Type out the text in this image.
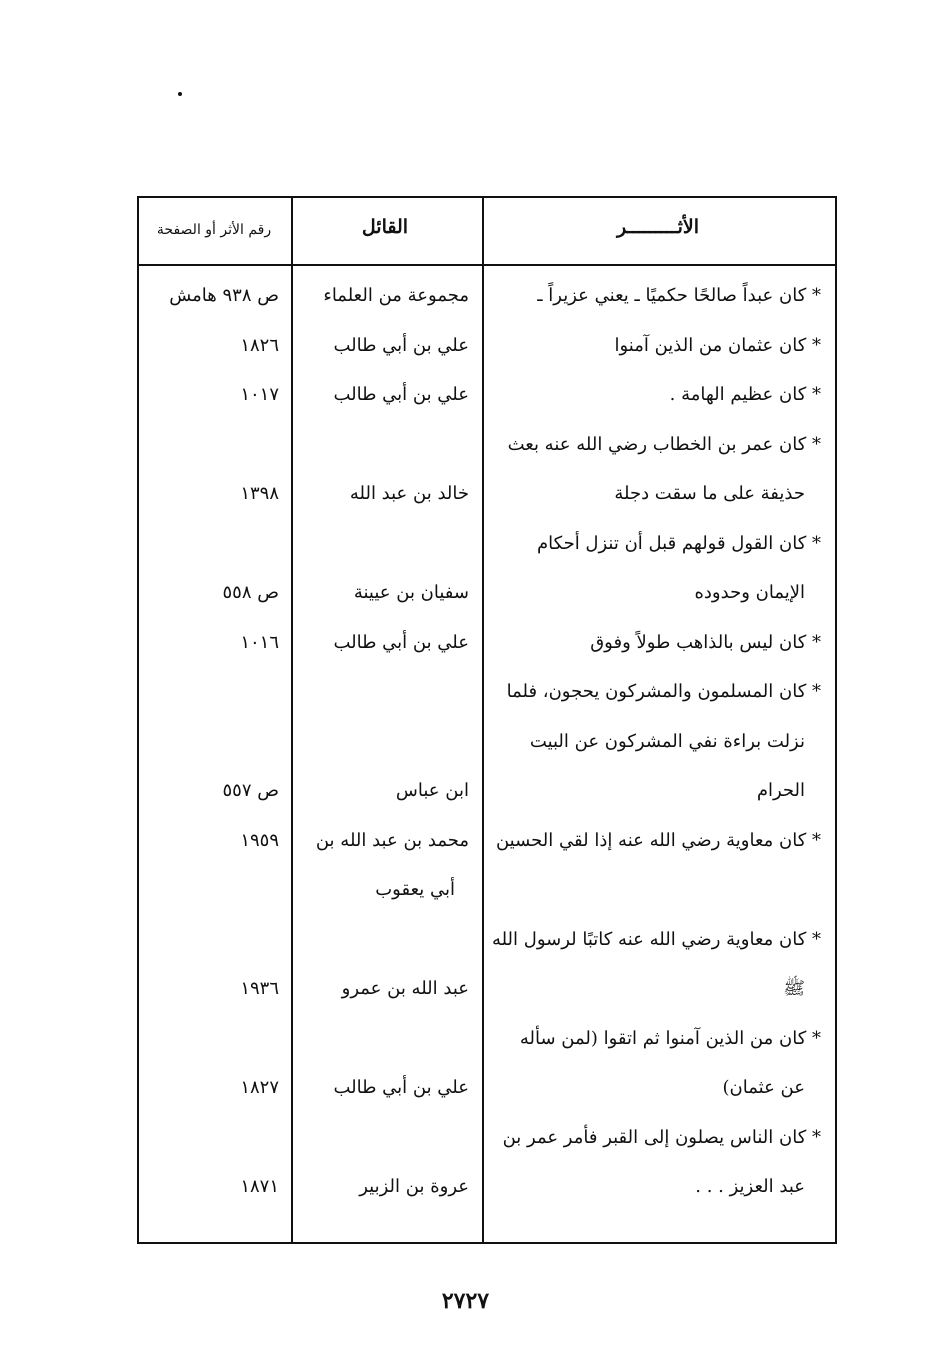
الأثـــــــــر
القائل
رقم الأثر أو الصفحة
* كان عبداً صالحًا حكميًا ـ يعني عزيراً ـ
مجموعة من العلماء
ص ٩٣٨ هامش
* كان عثمان من الذين آمنوا
علي بن أبي طالب
١٨٢٦
* كان عظيم الهامة .
علي بن أبي طالب
١٠١٧
* كان عمر بن الخطاب رضي الله عنه بعث
حذيفة على ما سقت دجلة
خالد بن عبد الله
١٣٩٨
* كان القول قولهم قبل أن تنزل أحكام
الإيمان وحدوده
سفيان بن عيينة
ص ٥٥٨
* كان ليس بالذاهب طولاً وفوق
علي بن أبي طالب
١٠١٦
* كان المسلمون والمشركون يحجون، فلما
نزلت براءة نفي المشركون عن البيت
الحرام
ابن عباس
ص ٥٥٧
* كان معاوية رضي الله عنه إذا لقي الحسين
محمد بن عبد الله بن
١٩٥٩
أبي يعقوب
* كان معاوية رضي الله عنه كاتبًا لرسول الله
ﷺ
عبد الله بن عمرو
١٩٣٦
* كان من الذين آمنوا ثم اتقوا (لمن سأله
عن عثمان)
علي بن أبي طالب
١٨٢٧
* كان الناس يصلون إلى القبر فأمر عمر بن
عبد العزيز . . .
عروة بن الزبير
١٨٧١
٢٧٢٧
